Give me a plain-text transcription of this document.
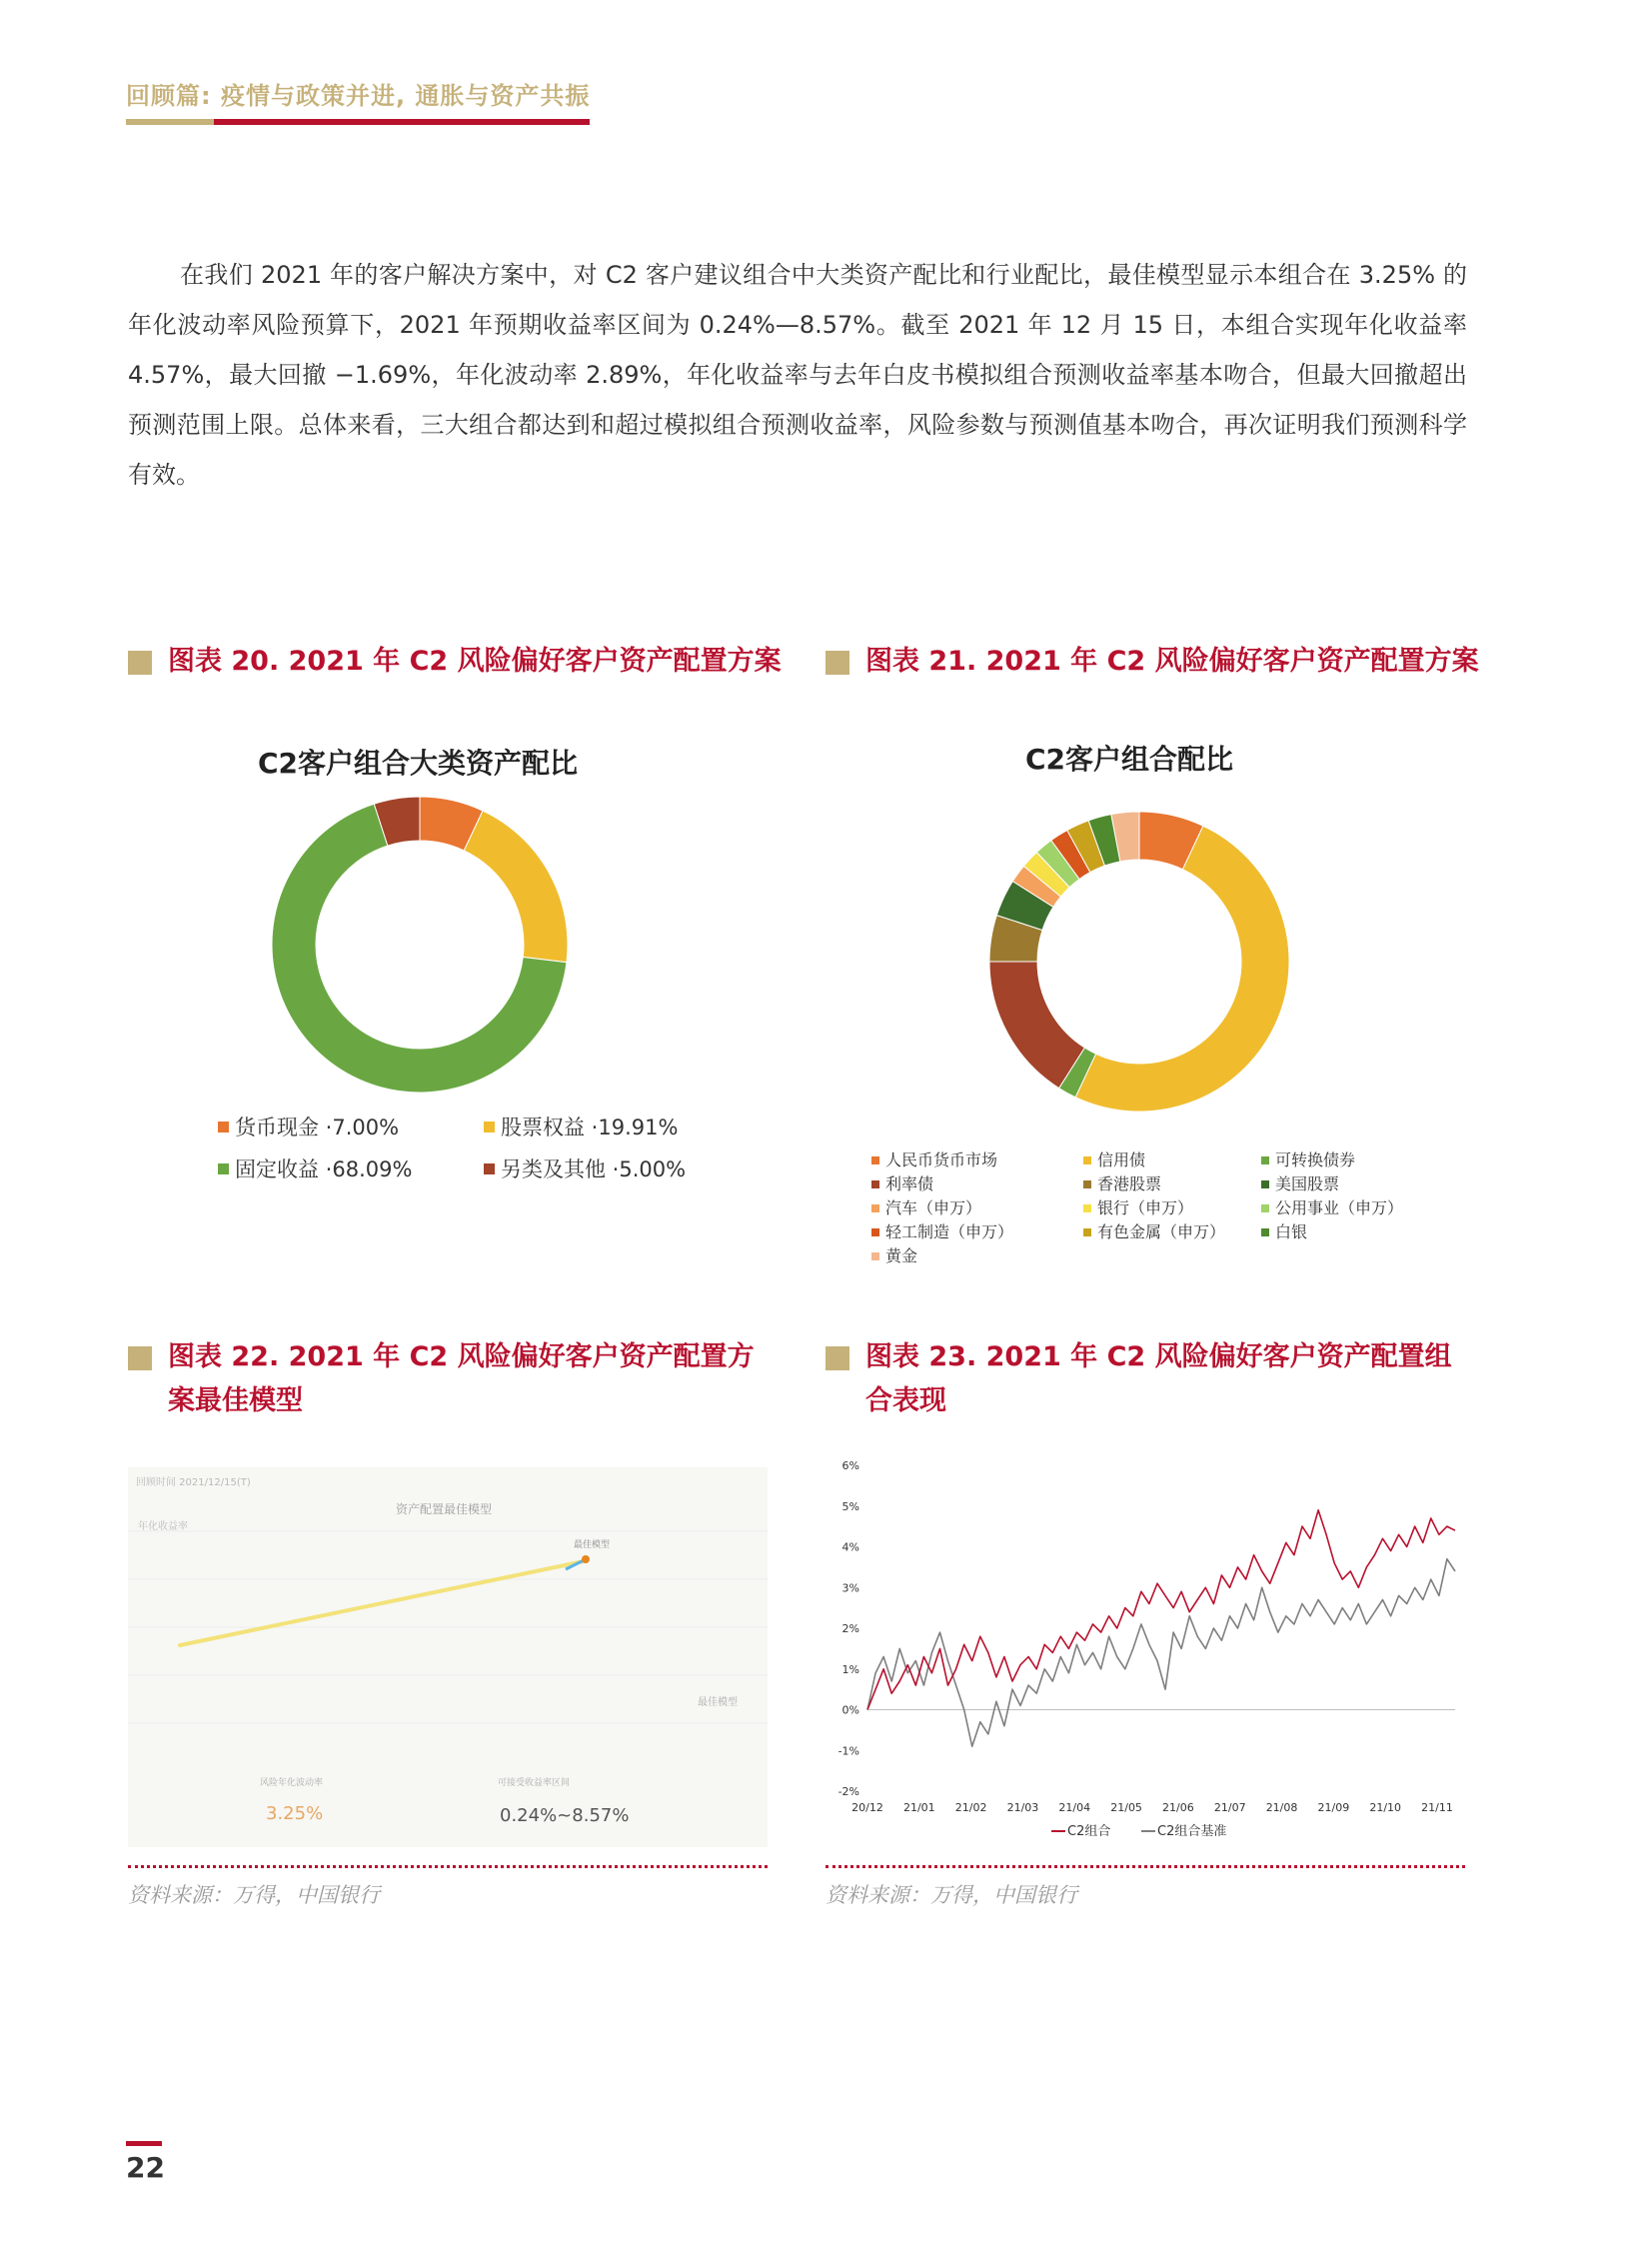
回顾篇: 疫情与政策并进, 通胀与资产共振
在我们 2021 年的客户解决方案中，对 C2 客户建议组合中大类资产配比和行业配比，最佳模型显示本组合在 3.25% 的年化波动率风险预算下，2021 年预期收益率区间为 0.24%—8.57%。截至 2021 年 12 月 15 日，本组合实现年化收益率 4.57%，最大回撤 −1.69%，年化波动率 2.89%，年化收益率与去年白皮书模拟组合预测收益率基本吻合，但最大回撤超出预测范围上限。总体来看，三大组合都达到和超过模拟组合预测收益率，风险参数与预测值基本吻合，再次证明我们预测科学有效。
图表 20. 2021 年 C2 风险偏好客户资产配置方案	图表 21. 2021 年 C2 风险偏好客户资产配置方案
C2客户组合大类资产配比
货币现金 ·7.00%	股票权益 ·19.91%
固定收益 ·68.09%	另类及其他 ·5.00%
C2客户组合配比
人民币货币市场	信用债	可转换债券
利率债	香港股票	美国股票
汽车（申万）	银行（申万）	公用事业（申万）
轻工制造（申万）	有色金属（申万）	白银
黄金
图表 22. 2021 年 C2 风险偏好客户资产配置方
案最佳模型
图表 23. 2021 年 C2 风险偏好客户资产配置组
合表现
回顾时间 2021/12/15(T)
资产配置最佳模型
年化收益率
最佳模型
最佳模型
风险年化波动率
3.25%
可接受收益率区间
0.24%~8.57%
6%
5%
4%
3%
2%
1%
0%
-1%
-2%
20/12 21/01 21/02 21/03 21/04 21/05 21/06 21/07 21/08 21/09 21/10 21/11
C2组合	C2组合基准
资料来源：万得，中国银行	资料来源：万得，中国银行
22
